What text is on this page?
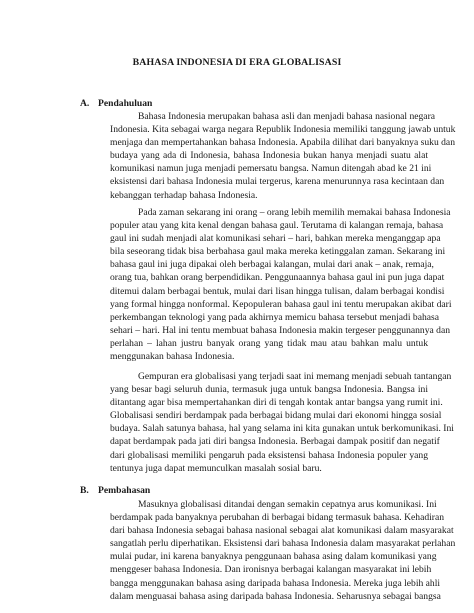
BAHASA INDONESIA DI ERA GLOBALISASI
A. Pendahuluan
Bahasa Indonesia merupakan bahasa asli dan menjadi bahasa nasional negara
Indonesia. Kita sebagai warga negara Republik Indonesia memiliki tanggung jawab untuk
menjaga dan mempertahankan bahasa Indonesia. Apabila dilihat dari banyaknya suku dan
budaya yang ada di Indonesia, bahasa Indonesia bukan hanya menjadi suatu alat
komunikasi namun juga menjadi pemersatu bangsa. Namun ditengah abad ke 21 ini
eksistensi dari bahasa Indonesia mulai tergerus, karena menurunnya rasa kecintaan dan
kebanggan terhadap bahasa Indonesia.
Pada zaman sekarang ini orang – orang lebih memilih memakai bahasa Indonesia
populer atau yang kita kenal dengan bahasa gaul. Terutama di kalangan remaja, bahasa
gaul ini sudah menjadi alat komunikasi sehari – hari, bahkan mereka menganggap apa
bila seseorang tidak bisa berbahasa gaul maka mereka ketinggalan zaman. Sekarang ini
bahasa gaul ini juga dipakai oleh berbagai kalangan, mulai dari anak – anak, remaja,
orang tua, bahkan orang berpendidikan. Penggunaannya bahasa gaul ini pun juga dapat
ditemui dalam berbagai bentuk, mulai dari lisan hingga tulisan, dalam berbagai kondisi
yang formal hingga nonformal. Kepopuleran bahasa gaul ini tentu merupakan akibat dari
perkembangan teknologi yang pada akhirnya memicu bahasa tersebut menjadi bahasa
sehari – hari. Hal ini tentu membuat bahasa Indonesia makin tergeser penggunannya dan
perlahan – lahan justru banyak orang yang tidak mau atau bahkan malu untuk
menggunakan bahasa Indonesia.
Gempuran era globalisasi yang terjadi saat ini memang menjadi sebuah tantangan
yang besar bagi seluruh dunia, termasuk juga untuk bangsa Indonesia. Bangsa ini
ditantang agar bisa mempertahankan diri di tengah kontak antar bangsa yang rumit ini.
Globalisasi sendiri berdampak pada berbagai bidang mulai dari ekonomi hingga sosial
budaya. Salah satunya bahasa, hal yang selama ini kita gunakan untuk berkomunikasi. Ini
dapat berdampak pada jati diri bangsa Indonesia. Berbagai dampak positif dan negatif
dari globalisasi memiliki pengaruh pada eksistensi bahasa Indonesia populer yang
tentunya juga dapat memunculkan masalah sosial baru.
B. Pembahasan
Masuknya globalisasi ditandai dengan semakin cepatnya arus komunikasi. Ini
berdampak pada banyaknya perubahan di berbagai bidang termasuk bahasa. Kehadiran
dari bahasa Indonesia sebagai bahasa nasional sebagai alat komunikasi dalam masyarakat
sangatlah perlu diperhatikan. Eksistensi dari bahasa Indonesia dalam masyarakat perlahan
mulai pudar, ini karena banyaknya penggunaan bahasa asing dalam komunikasi yang
menggeser bahasa Indonesia. Dan ironisnya berbagai kalangan masyarakat ini lebih
bangga menggunakan bahasa asing daripada bahasa Indonesia. Mereka juga lebih ahli
dalam menguasai bahasa asing daripada bahasa Indonesia. Seharusnya sebagai bangsa
